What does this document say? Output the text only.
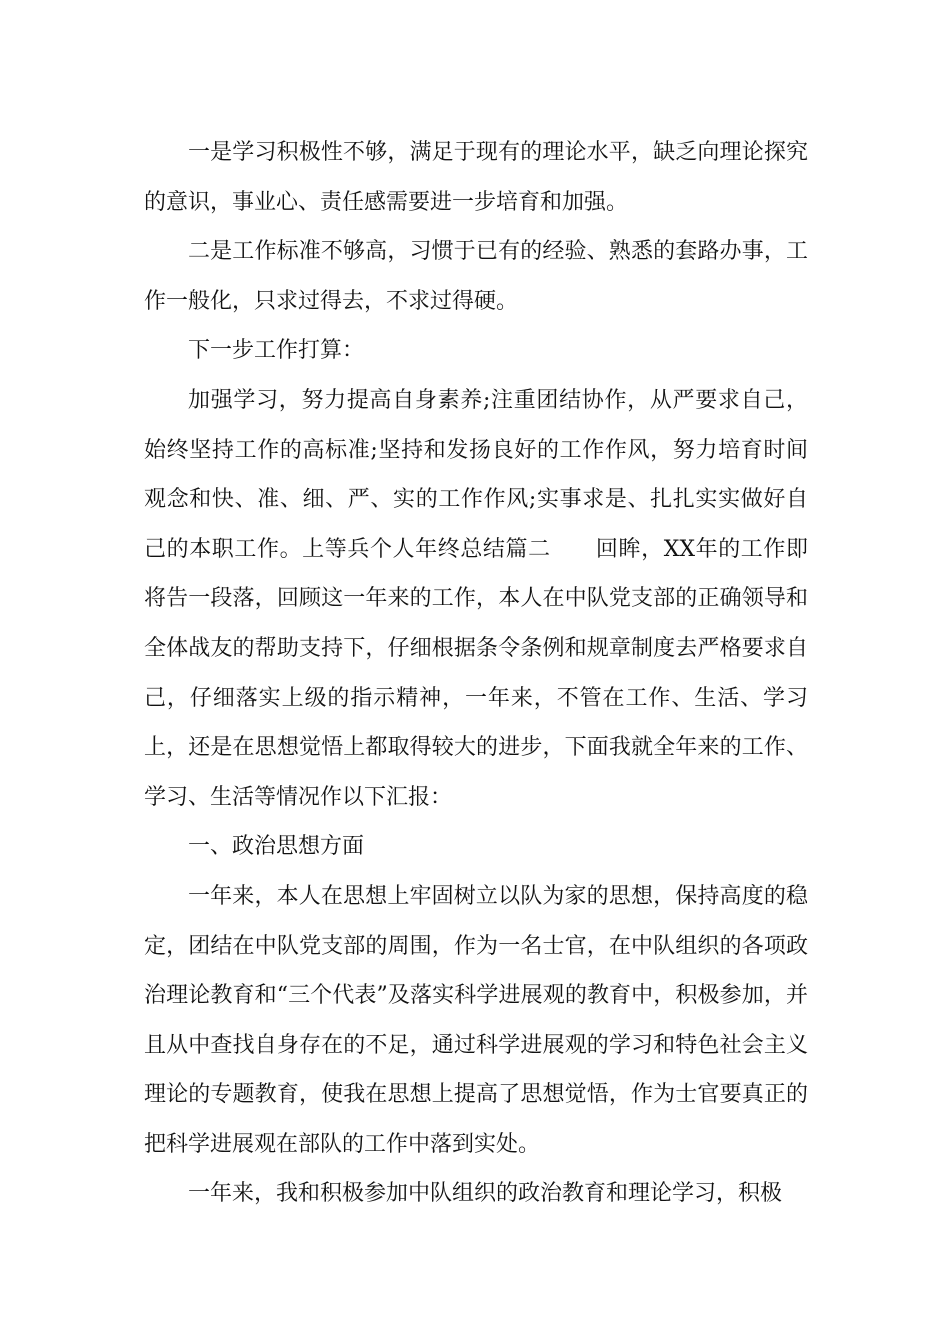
一是学习积极性不够，满足于现有的理论水平，缺乏向理论探究的意识，事业心、责任感需要进一步培育和加强。

二是工作标准不够高，习惯于已有的经验、熟悉的套路办事，工作一般化，只求过得去，不求过得硬。

下一步工作打算：

加强学习，努力提高自身素养;注重团结协作，从严要求自己，始终坚持工作的高标准;坚持和发扬良好的工作作风，努力培育时间观念和快、准、细、严、实的工作作风;实事求是、扎扎实实做好自己的本职工作。上等兵个人年终总结篇二　　回眸，XX年的工作即将告一段落，回顾这一年来的工作，本人在中队党支部的正确领导和全体战友的帮助支持下，仔细根据条令条例和规章制度去严格要求自己，仔细落实上级的指示精神，一年来，不管在工作、生活、学习上，还是在思想觉悟上都取得较大的进步，下面我就全年来的工作、学习、生活等情况作以下汇报：

一、政治思想方面

一年来，本人在思想上牢固树立以队为家的思想，保持高度的稳定，团结在中队党支部的周围，作为一名士官，在中队组织的各项政治理论教育和“三个代表”及落实科学进展观的教育中，积极参加，并且从中查找自身存在的不足，通过科学进展观的学习和特色社会主义理论的专题教育，使我在思想上提高了思想觉悟，作为士官要真正的把科学进展观在部队的工作中落到实处。

一年来，我和积极参加中队组织的政治教育和理论学习，积极
